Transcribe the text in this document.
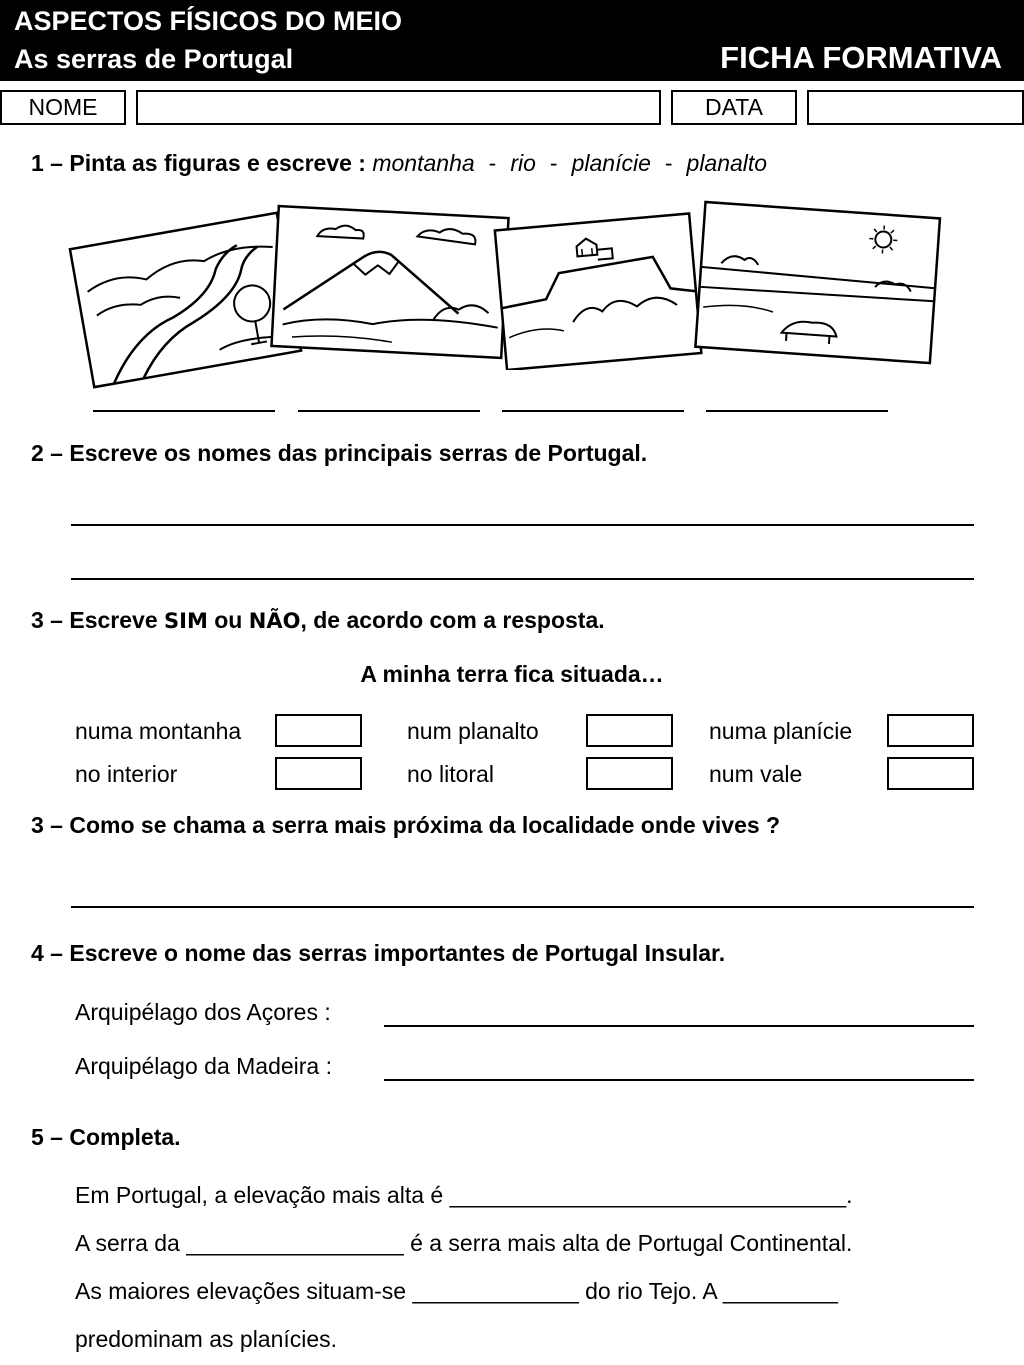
ASPECTOS FÍSICOS DO MEIO
As serras de Portugal	FICHA FORMATIVA
NOME	DATA
1 – Pinta as figuras e escreve : montanha - rio - planície - planalto
2 – Escreve os nomes das principais serras de Portugal.
3 – Escreve SIM ou NÃO, de acordo com a resposta.
A minha terra fica situada…
numa montanha	num planalto	numa planície
no interior	no litoral	num vale
3 – Como se chama a serra mais próxima da localidade onde vives ?
4 – Escreve o nome das serras importantes de Portugal Insular.
Arquipélago dos Açores :
Arquipélago da Madeira :
5 – Completa.
Em Portugal, a elevação mais alta é _______________________________.
A serra da _________________ é a serra mais alta de Portugal Continental.
As maiores elevações situam-se _____________ do rio Tejo. A _________
predominam as planícies.
